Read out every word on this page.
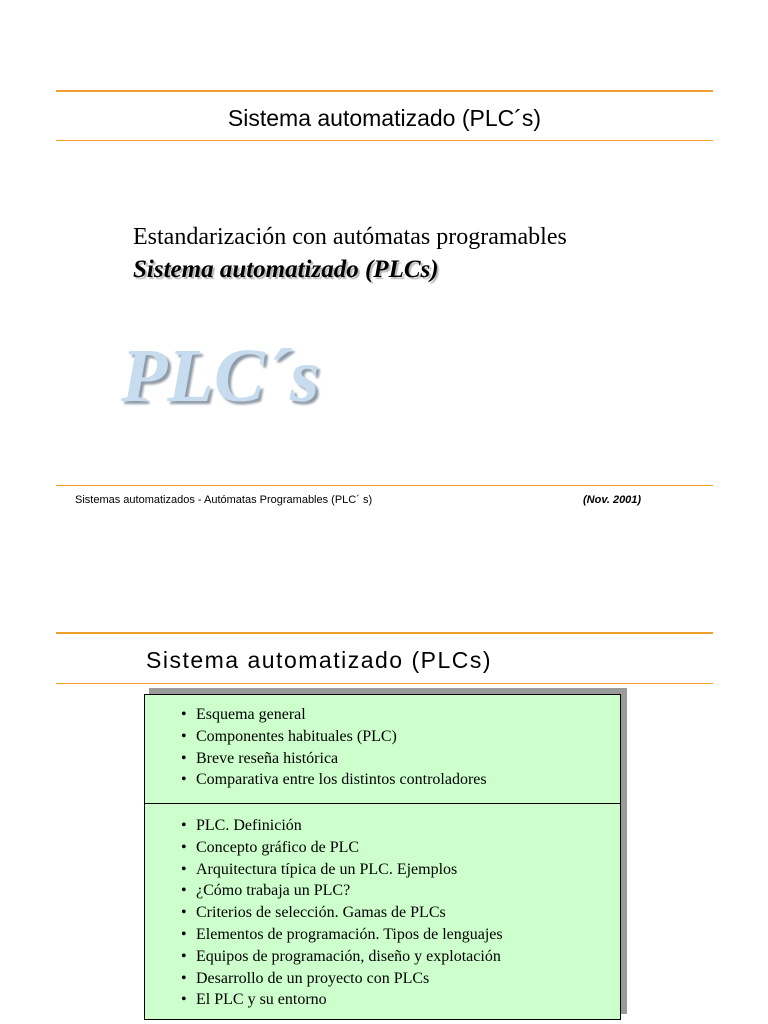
Sistema automatizado (PLC´s)
Estandarización con autómatas programables
Sistema automatizado (PLCs)
PLC´s
Sistemas automatizados - Autómatas Programables (PLC´ s)	(Nov. 2001)
Sistema automatizado (PLCs)
• Esquema general
• Componentes habituales (PLC)
• Breve reseña histórica
• Comparativa entre los distintos controladores
• PLC. Definición
• Concepto gráfico de PLC
• Arquitectura típica de un PLC. Ejemplos
• ¿Cómo trabaja un PLC?
• Criterios de selección. Gamas de PLCs
• Elementos de programación. Tipos de lenguajes
• Equipos de programación, diseño y explotación
• Desarrollo de un proyecto con PLCs
• El PLC y su entorno
